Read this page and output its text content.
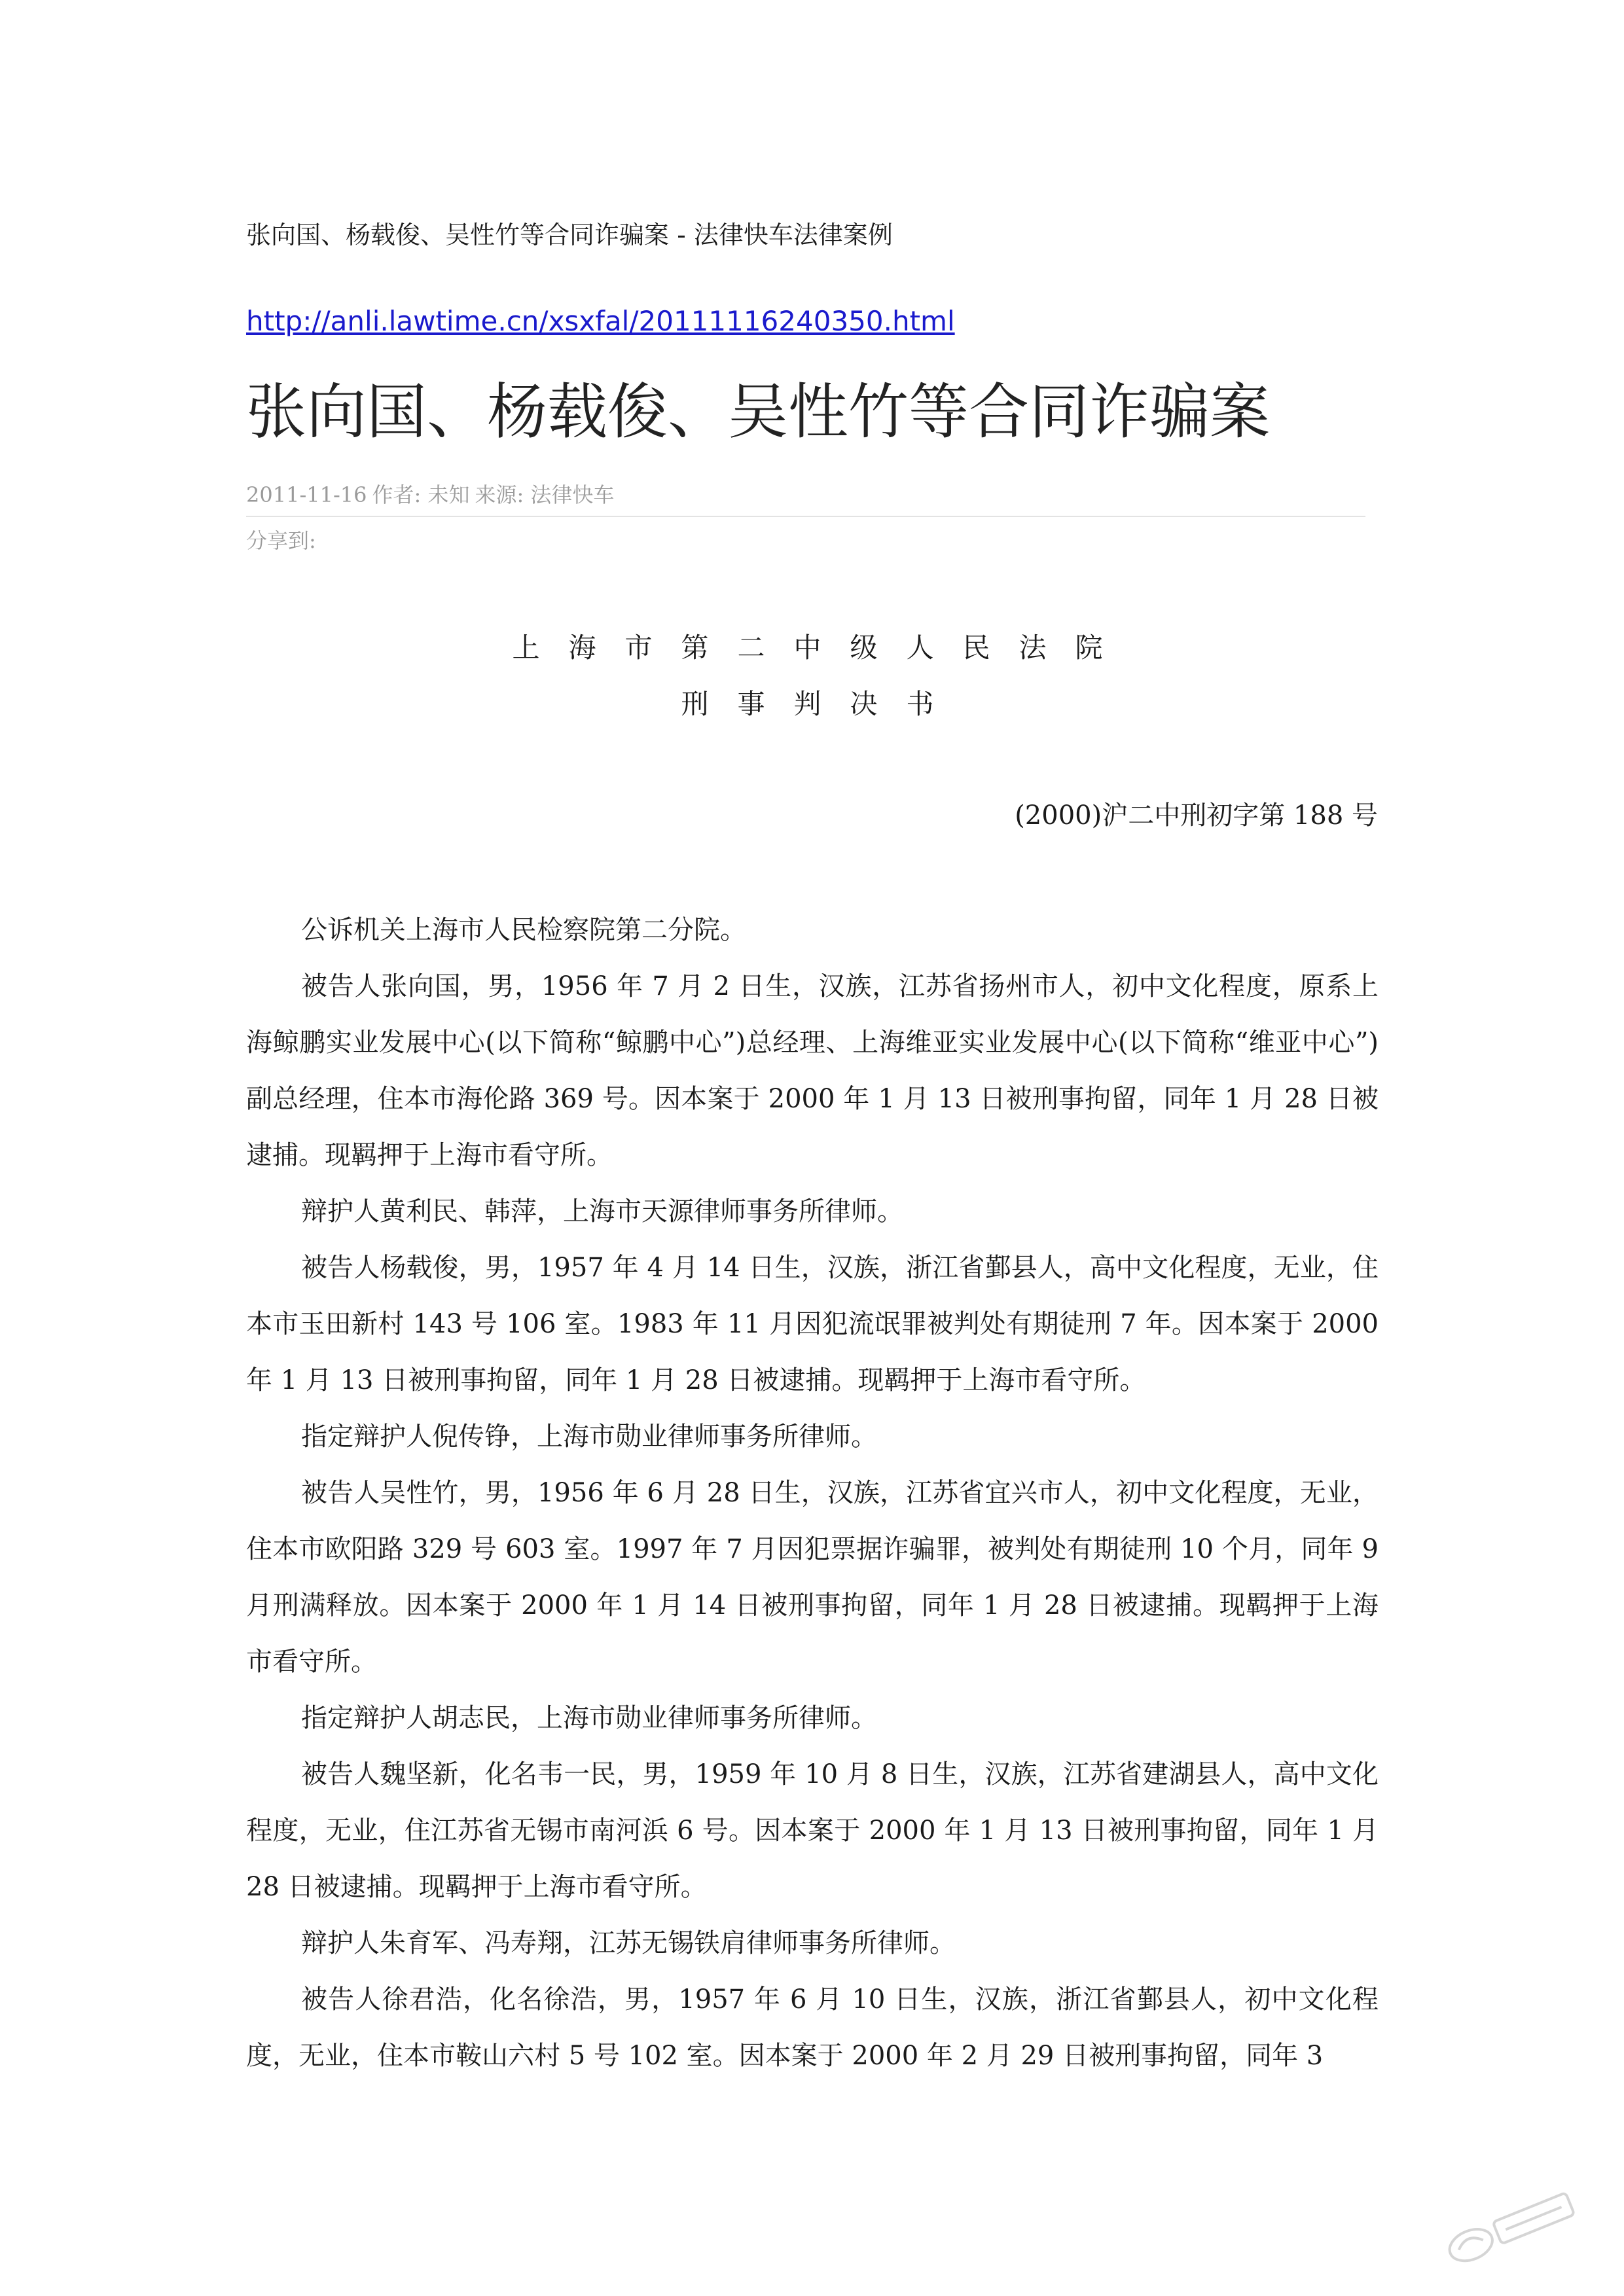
张向国、杨载俊、吴性竹等合同诈骗案 - 法律快车法律案例
http://anli.lawtime.cn/xsxfal/20111116240350.html
张向国、杨载俊、吴性竹等合同诈骗案
2011-11-16 作者: 未知 来源: 法律快车
分享到:
上海市第二中级人民法院
刑事判决书
(2000)沪二中刑初字第 188 号

公诉机关上海市人民检察院第二分院。

被告人张向国，男，1956 年 7 月 2 日生，汉族，江苏省扬州市人，初中文化程度，原系上海鲸鹏实业发展中心(以下简称“鲸鹏中心”)总经理、上海维亚实业发展中心(以下简称“维亚中心”)副总经理，住本市海伦路 369 号。因本案于 2000 年 1 月 13 日被刑事拘留，同年 1 月 28 日被逮捕。现羁押于上海市看守所。

辩护人黄利民、韩萍，上海市天源律师事务所律师。

被告人杨载俊，男，1957 年 4 月 14 日生，汉族，浙江省鄞县人，高中文化程度，无业，住本市玉田新村 143 号 106 室。1983 年 11 月因犯流氓罪被判处有期徒刑 7 年。因本案于 2000 年 1 月 13 日被刑事拘留，同年 1 月 28 日被逮捕。现羁押于上海市看守所。

指定辩护人倪传铮，上海市勋业律师事务所律师。

被告人吴性竹，男，1956 年 6 月 28 日生，汉族，江苏省宜兴市人，初中文化程度，无业，住本市欧阳路 329 号 603 室。1997 年 7 月因犯票据诈骗罪，被判处有期徒刑 10 个月，同年 9 月刑满释放。因本案于 2000 年 1 月 14 日被刑事拘留，同年 1 月 28 日被逮捕。现羁押于上海市看守所。

指定辩护人胡志民，上海市勋业律师事务所律师。

被告人魏坚新，化名韦一民，男，1959 年 10 月 8 日生，汉族，江苏省建湖县人，高中文化程度，无业，住江苏省无锡市南河浜 6 号。因本案于 2000 年 1 月 13 日被刑事拘留，同年 1 月 28 日被逮捕。现羁押于上海市看守所。

辩护人朱育军、冯寿翔，江苏无锡铁肩律师事务所律师。

被告人徐君浩，化名徐浩，男，1957 年 6 月 10 日生，汉族，浙江省鄞县人，初中文化程度，无业，住本市鞍山六村 5 号 102 室。因本案于 2000 年 2 月 29 日被刑事拘留，同年 3
